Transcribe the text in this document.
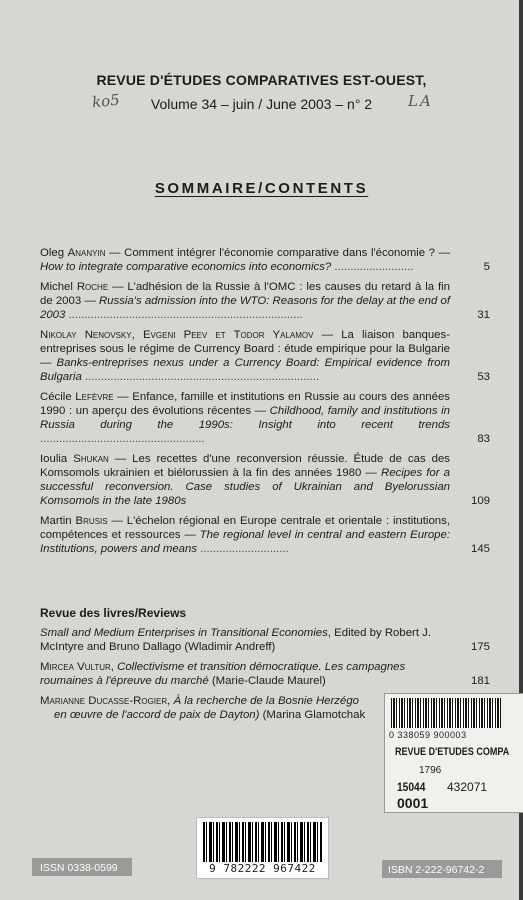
REVUE D'ÉTUDES COMPARATIVES EST-OUEST,
Volume 34 – juin / June 2003 – n° 2
ko5	LA
SOMMAIRE/CONTENTS
Oleg Ananyin — Comment intégrer l'économie comparative dans l'économie ? — How to integrate comparative economics into economics? .........................	5
Michel Roche — L'adhésion de la Russie à l'OMC : les causes du retard à la fin de 2003 — Russia's admission into the WTO: Reasons for the delay at the end of 2003 ..........................................................................	31
Nikolay Nenovsky, Evgeni Peev et Todor Yalamov — La liaison banques-entreprises sous le régime de Currency Board : étude empirique pour la Bulgarie — Banks-entreprises nexus under a Currency Board: Empirical evidence from Bulgaria ..........................................................................	53
Cécile Lefèvre — Enfance, famille et institutions en Russie au cours des années 1990 : un aperçu des évolutions récentes — Childhood, family and institutions in Russia during the 1990s: Insight into recent trends ....................................................	83
Ioulia Shukan — Les recettes d'une reconversion réussie. Étude de cas des Komsomols ukrainien et biélorussien à la fin des années 1980 — Recipes for a successful reconversion. Case studies of Ukrainian and Byelorussian Komsomols in the late 1980s	109
Martin Brusis — L'échelon régional en Europe centrale et orientale : institutions, compétences et ressources — The regional level in central and eastern Europe: Institutions, powers and means ............................	145
Revue des livres/Reviews
Small and Medium Enterprises in Transitional Economies, Edited by Robert J. McIntyre and Bruno Dallago (Wladimir Andreff)	175
Mircea Vultur, Collectivisme et transition démocratique. Les campagnes roumaines à l'épreuve du marché (Marie-Claude Maurel)	181
Marianne Ducasse-Rogier, À la recherche de la Bosnie Herzégo
en œuvre de l'accord de paix de Dayton) (Marina Glamotchak
0 338059 900003
REVUE D'ETUDES COMPA
1796
15044 432071
0001
9 782222 967422
ISSN 0338-0599	ISBN 2-222-96742-2
